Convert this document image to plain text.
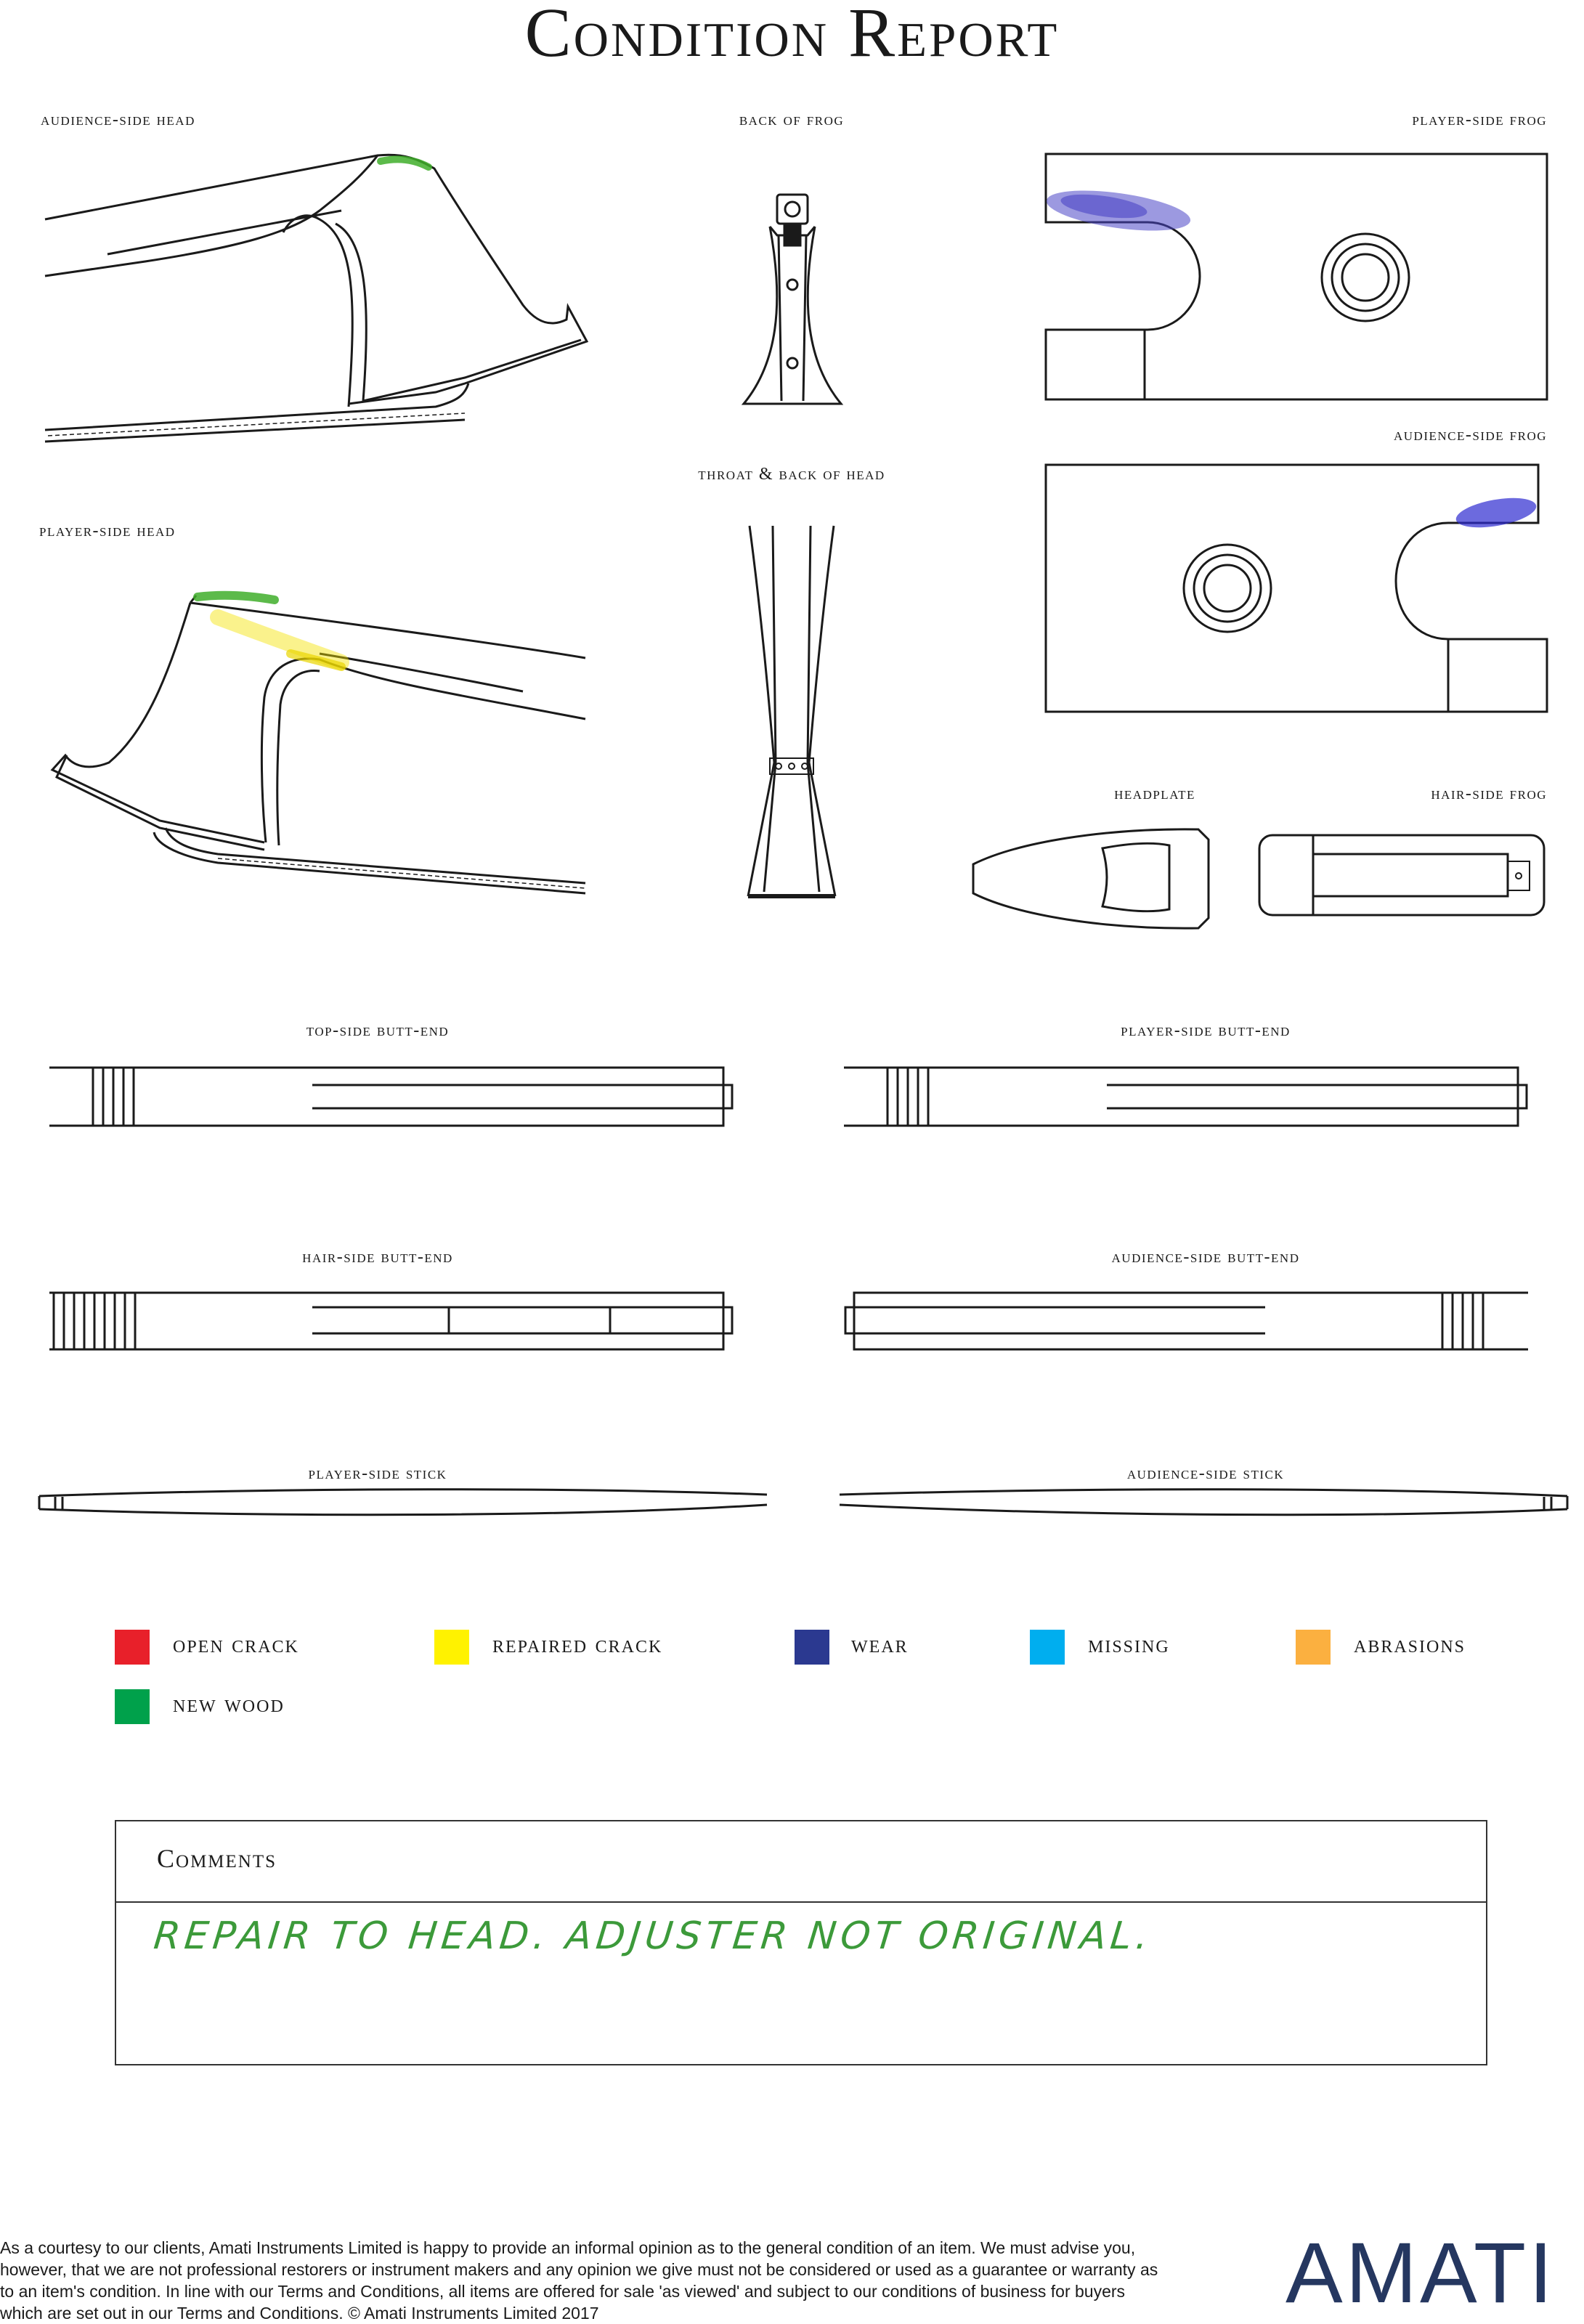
Condition Report
audience-side head	back of frog	player-side frog
audience-side frog
throat & back of head
player-side head
headplate	hair-side frog
top-side butt-end	player-side butt-end
hair-side butt-end	audience-side butt-end
player-side stick	audience-side stick
open crack	repaired crack	wear	missing	abrasions
new wood
Comments
REPAIR TO HEAD. ADJUSTER NOT ORIGINAL.
As a courtesy to our clients, Amati Instruments Limited is happy to provide an informal opinion as to the general condition of an item. We must advise you, however, that we are not professional restorers or instrument makers and any opinion we give must not be considered or used as a guarantee or warranty as to an item's condition. In line with our Terms and Conditions, all items are offered for sale 'as viewed' and subject to our conditions of business for buyers which are set out in our Terms and Conditions. © Amati Instruments Limited 2017	AMATI
